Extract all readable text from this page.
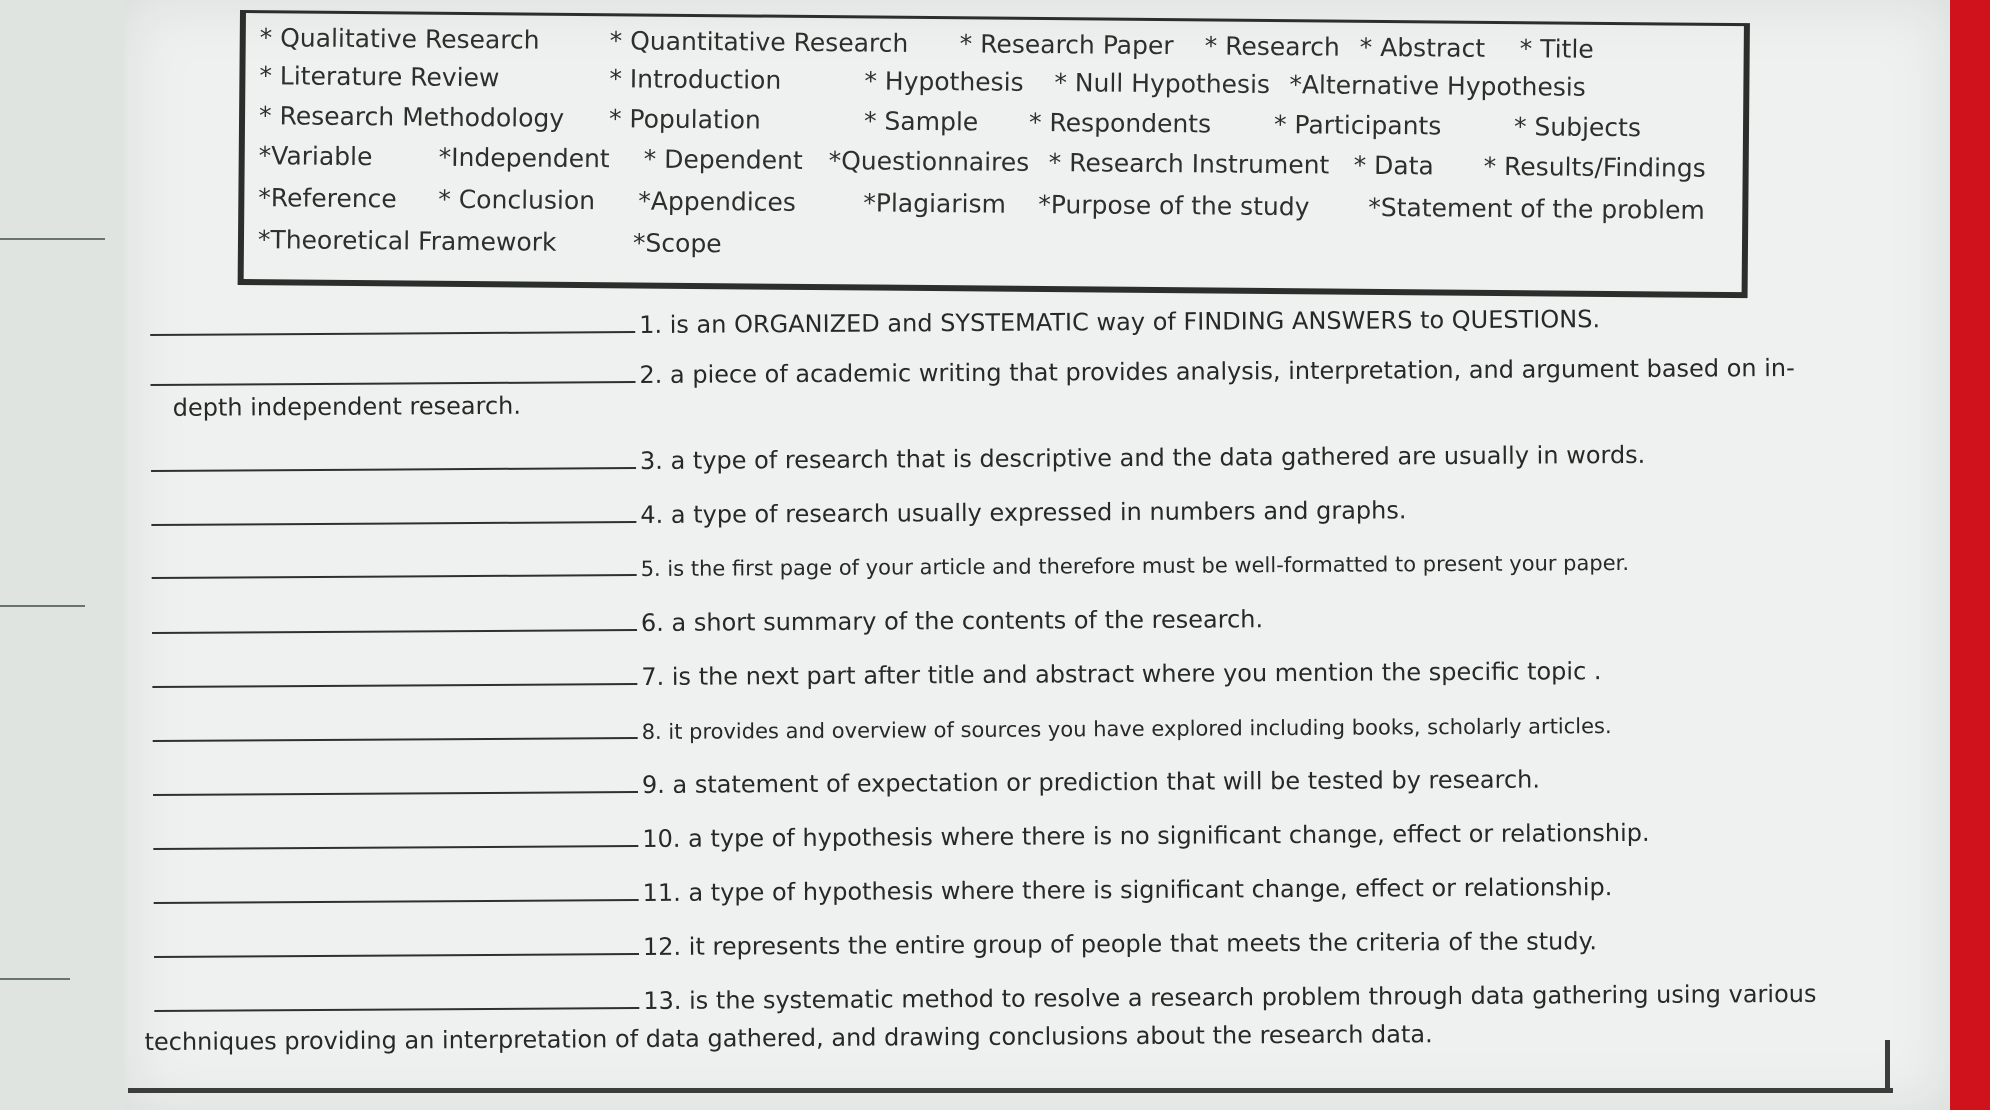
* Qualitative Research	* Quantitative Research * Research Paper * Research * Abstract * Title
* Literature Review	* Introduction	* Hypothesis * Null Hypothesis *Alternative Hypothesis
* Research Methodology * Population	* Sample * Respondents	* Participants	* Subjects
*Variable	*Independent * Dependent *Questionnaires * Research Instrument * Data * Results/Findings
*Reference * Conclusion *Appendices	*Plagiarism *Purpose of the study *Statement of the problem
*Theoretical Framework	*Scope
1. is an ORGANIZED and SYSTEMATIC way of FINDING ANSWERS to QUESTIONS.
2. a piece of academic writing that provides analysis, interpretation, and argument based on in-
depth independent research.
3. a type of research that is descriptive and the data gathered are usually in words.
4. a type of research usually expressed in numbers and graphs.
5. is the first page of your article and therefore must be well-formatted to present your paper.
6. a short summary of the contents of the research.
7. is the next part after title and abstract where you mention the specific topic .
8. it provides and overview of sources you have explored including books, scholarly articles.
9. a statement of expectation or prediction that will be tested by research.
10. a type of hypothesis where there is no significant change, effect or relationship.
11. a type of hypothesis where there is significant change, effect or relationship.
12. it represents the entire group of people that meets the criteria of the study.
13. is the systematic method to resolve a research problem through data gathering using various
techniques providing an interpretation of data gathered, and drawing conclusions about the research data.
